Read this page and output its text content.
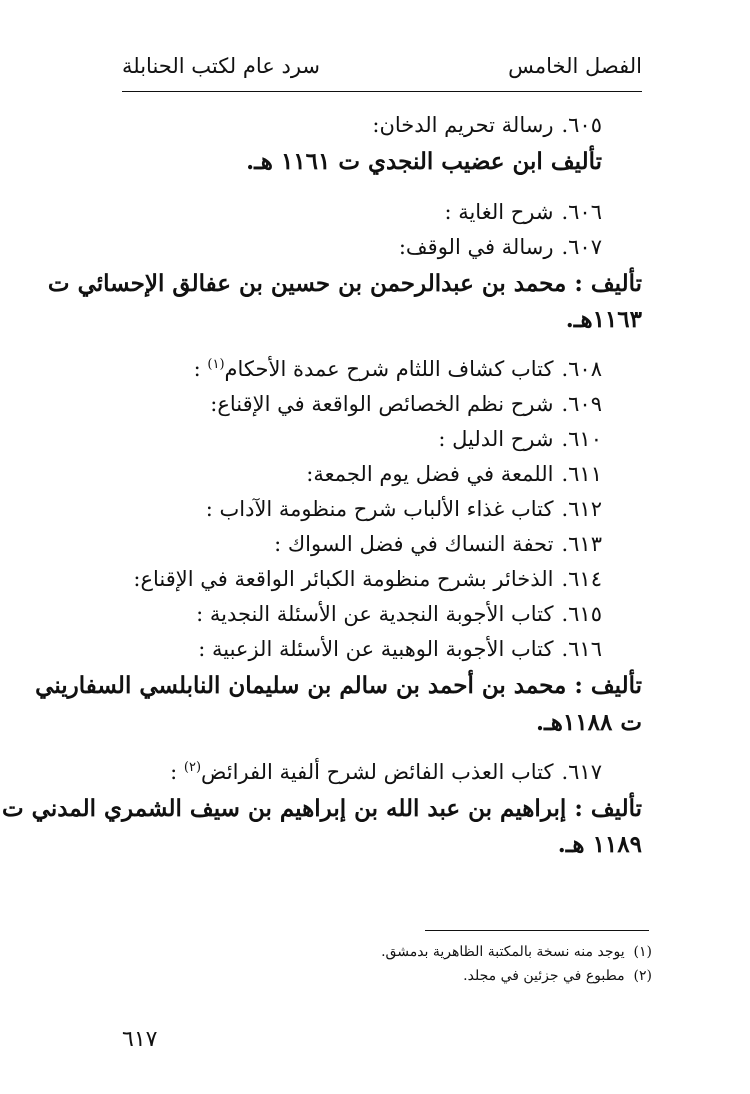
الفصل الخامس
سرد عام لكتب الحنابلة
٦٠٥.رسالة تحريم الدخان:
تأليف ابن عضيب النجدي ت ١١٦١ هـ.
٦٠٦.شرح الغاية :
٦٠٧.رسالة في الوقف:
تأليف : محمد بن عبدالرحمن بن حسين بن عفالق الإحسائي ت
١١٦٣هـ.
٦٠٨.كتاب كشاف اللثام شرح عمدة الأحكام$^{(١)}$ :
٦٠٩.شرح نظم الخصائص الواقعة في الإقناع:
٦١٠.شرح الدليل :
٦١١.اللمعة في فضل يوم الجمعة:
٦١٢.كتاب غذاء الألباب شرح منظومة الآداب :
٦١٣.تحفة النساك في فضل السواك :
٦١٤.الذخائر بشرح منظومة الكبائر الواقعة في الإقناع:
٦١٥.كتاب الأجوبة النجدية عن الأسئلة النجدية :
٦١٦.كتاب الأجوبة الوهبية عن الأسئلة الزعبية :
تأليف : محمد بن أحمد بن سالم بن سليمان النابلسي السفاريني
ت ١١٨٨هـ.
٦١٧.كتاب العذب الفائض لشرح ألفية الفرائض$^{(٢)}$ :
تأليف : إبراهيم بن عبد الله بن إبراهيم بن سيف الشمري المدني ت
١١٨٩ هـ.
(١)  يوجد منه نسخة بالمكتبة الظاهرية بدمشق.
(٢)  مطبوع في جزئين في مجلد.
٦١٧
